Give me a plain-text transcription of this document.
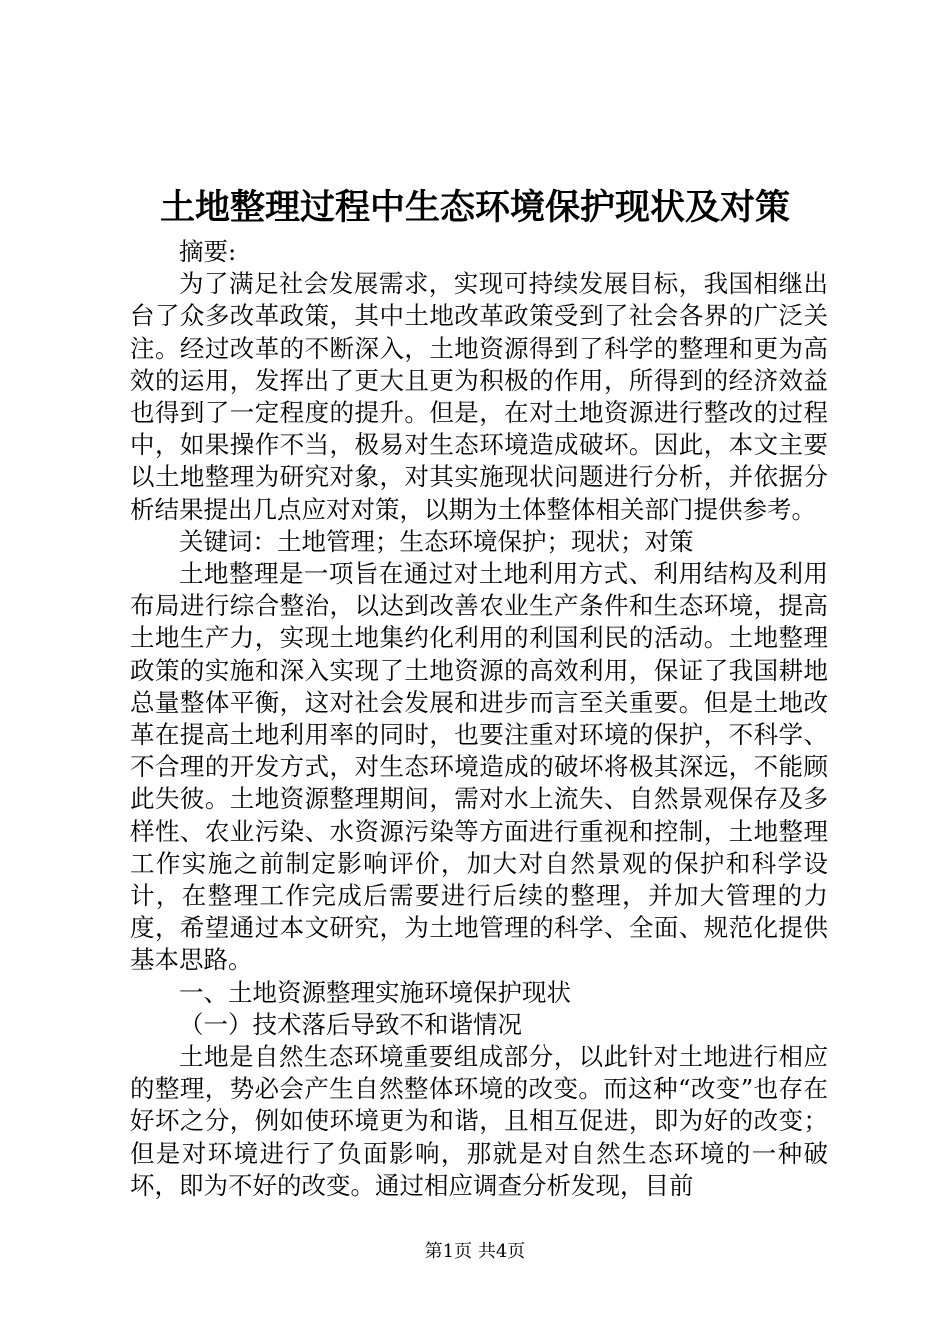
土地整理过程中生态环境保护现状及对策

摘要:

为了满足社会发展需求，实现可持续发展目标，我国相继出台了众多改革政策，其中土地改革政策受到了社会各界的广泛关注。经过改革的不断深入，土地资源得到了科学的整理和更为高效的运用，发挥出了更大且更为积极的作用，所得到的经济效益也得到了一定程度的提升。但是，在对土地资源进行整改的过程中，如果操作不当，极易对生态环境造成破坏。因此，本文主要以土地整理为研究对象，对其实施现状问题进行分析，并依据分析结果提出几点应对对策，以期为土体整体相关部门提供参考。

关键词：土地管理；生态环境保护；现状；对策

土地整理是一项旨在通过对土地利用方式、利用结构及利用布局进行综合整治，以达到改善农业生产条件和生态环境，提高土地生产力，实现土地集约化利用的利国利民的活动。土地整理政策的实施和深入实现了土地资源的高效利用，保证了我国耕地总量整体平衡，这对社会发展和进步而言至关重要。但是土地改革在提高土地利用率的同时，也要注重对环境的保护，不科学、不合理的开发方式，对生态环境造成的破坏将极其深远，不能顾此失彼。土地资源整理期间，需对水上流失、自然景观保存及多样性、农业污染、水资源污染等方面进行重视和控制，土地整理工作实施之前制定影响评价，加大对自然景观的保护和科学设计，在整理工作完成后需要进行后续的整理，并加大管理的力度，希望通过本文研究，为土地管理的科学、全面、规范化提供基本思路。

一、土地资源整理实施环境保护现状

（一）技术落后导致不和谐情况

土地是自然生态环境重要组成部分，以此针对土地进行相应的整理，势必会产生自然整体环境的改变。而这种“改变”也存在好坏之分，例如使环境更为和谐，且相互促进，即为好的改变；但是对环境进行了负面影响，那就是对自然生态环境的一种破坏，即为不好的改变。通过相应调查分析发现，目前

第1页 共4页
